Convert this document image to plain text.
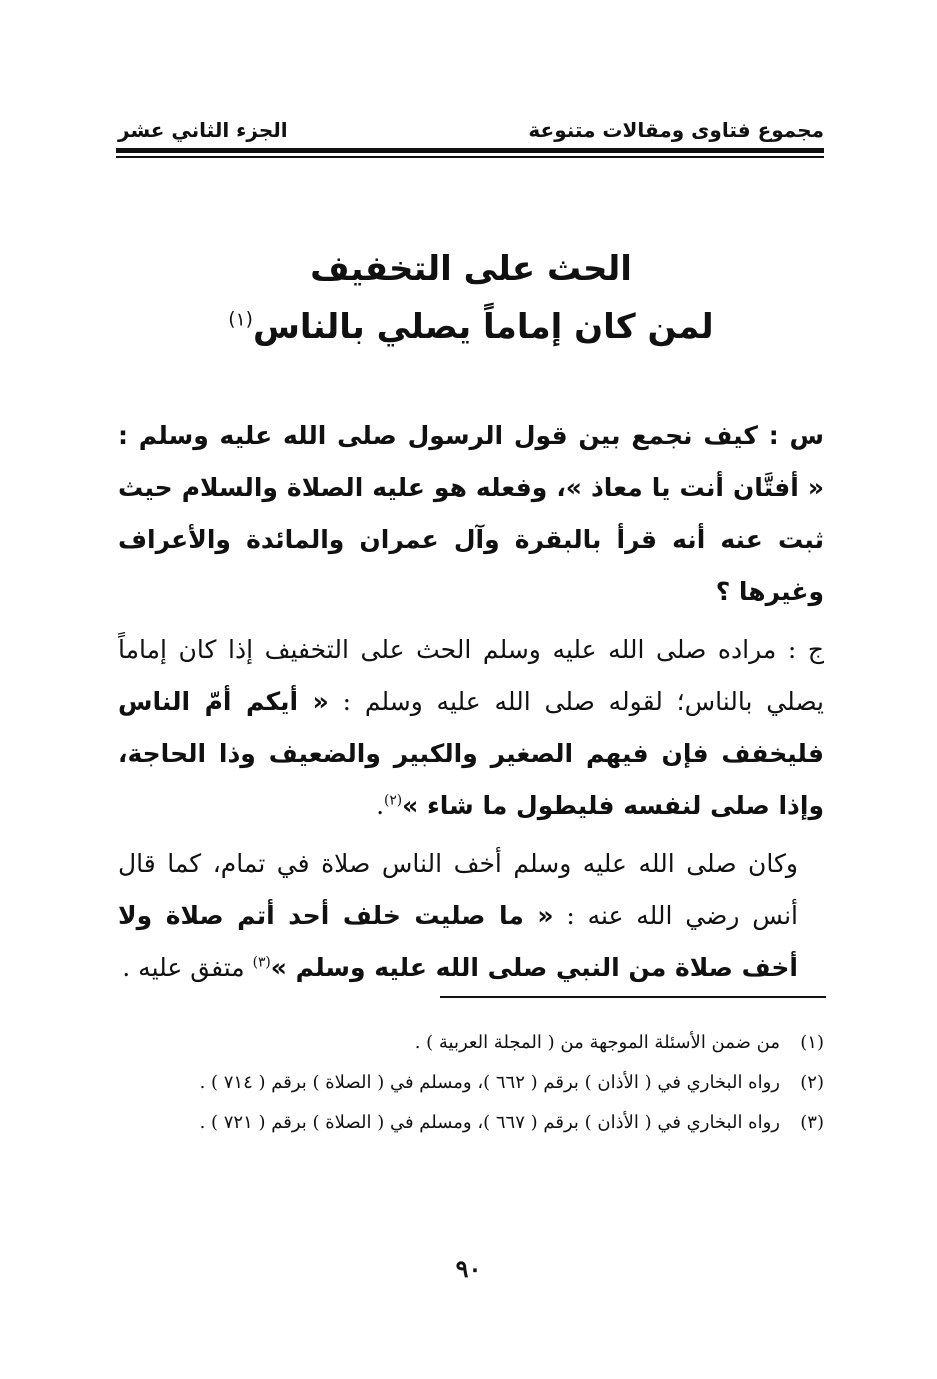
مجموع فتاوى ومقالات متنوعة
الجزء الثاني عشر
الحث على التخفيف
لمن كان إماماً يصلي بالناس$^{(١)}$

س : كيف نجمع بين قول الرسول صلى الله عليه وسلم : « أفتَّان أنت يا معاذ »، وفعله هو عليه الصلاة والسلام حيث ثبت عنه أنه قرأ بالبقرة وآل عمران والمائدة والأعراف وغيرها ؟

ج : مراده صلى الله عليه وسلم الحث على التخفيف إذا كان إماماً يصلي بالناس؛ لقوله صلى الله عليه وسلم : « أيكم أمّ الناس فليخفف فإن فيهم الصغير والكبير والضعيف وذا الحاجة، وإذا صلى لنفسه فليطول ما شاء »$^{(٢)}$.

وكان صلى الله عليه وسلم أخف الناس صلاة في تمام، كما قال أنس رضي الله عنه : « ما صليت خلف أحد أتم صلاة ولا أخف صلاة من النبي صلى الله عليه وسلم »$^{(٣)}$ متفق عليه .

(١)
من ضمن الأسئلة الموجهة من ( المجلة العربية ) .
(٢)
رواه البخاري في ( الأذان ) برقم ( ٦٦٢ )، ومسلم في ( الصلاة ) برقم ( ٧١٤ ) .
(٣)
رواه البخاري في ( الأذان ) برقم ( ٦٦٧ )، ومسلم في ( الصلاة ) برقم ( ٧٢١ ) .
٩٠
